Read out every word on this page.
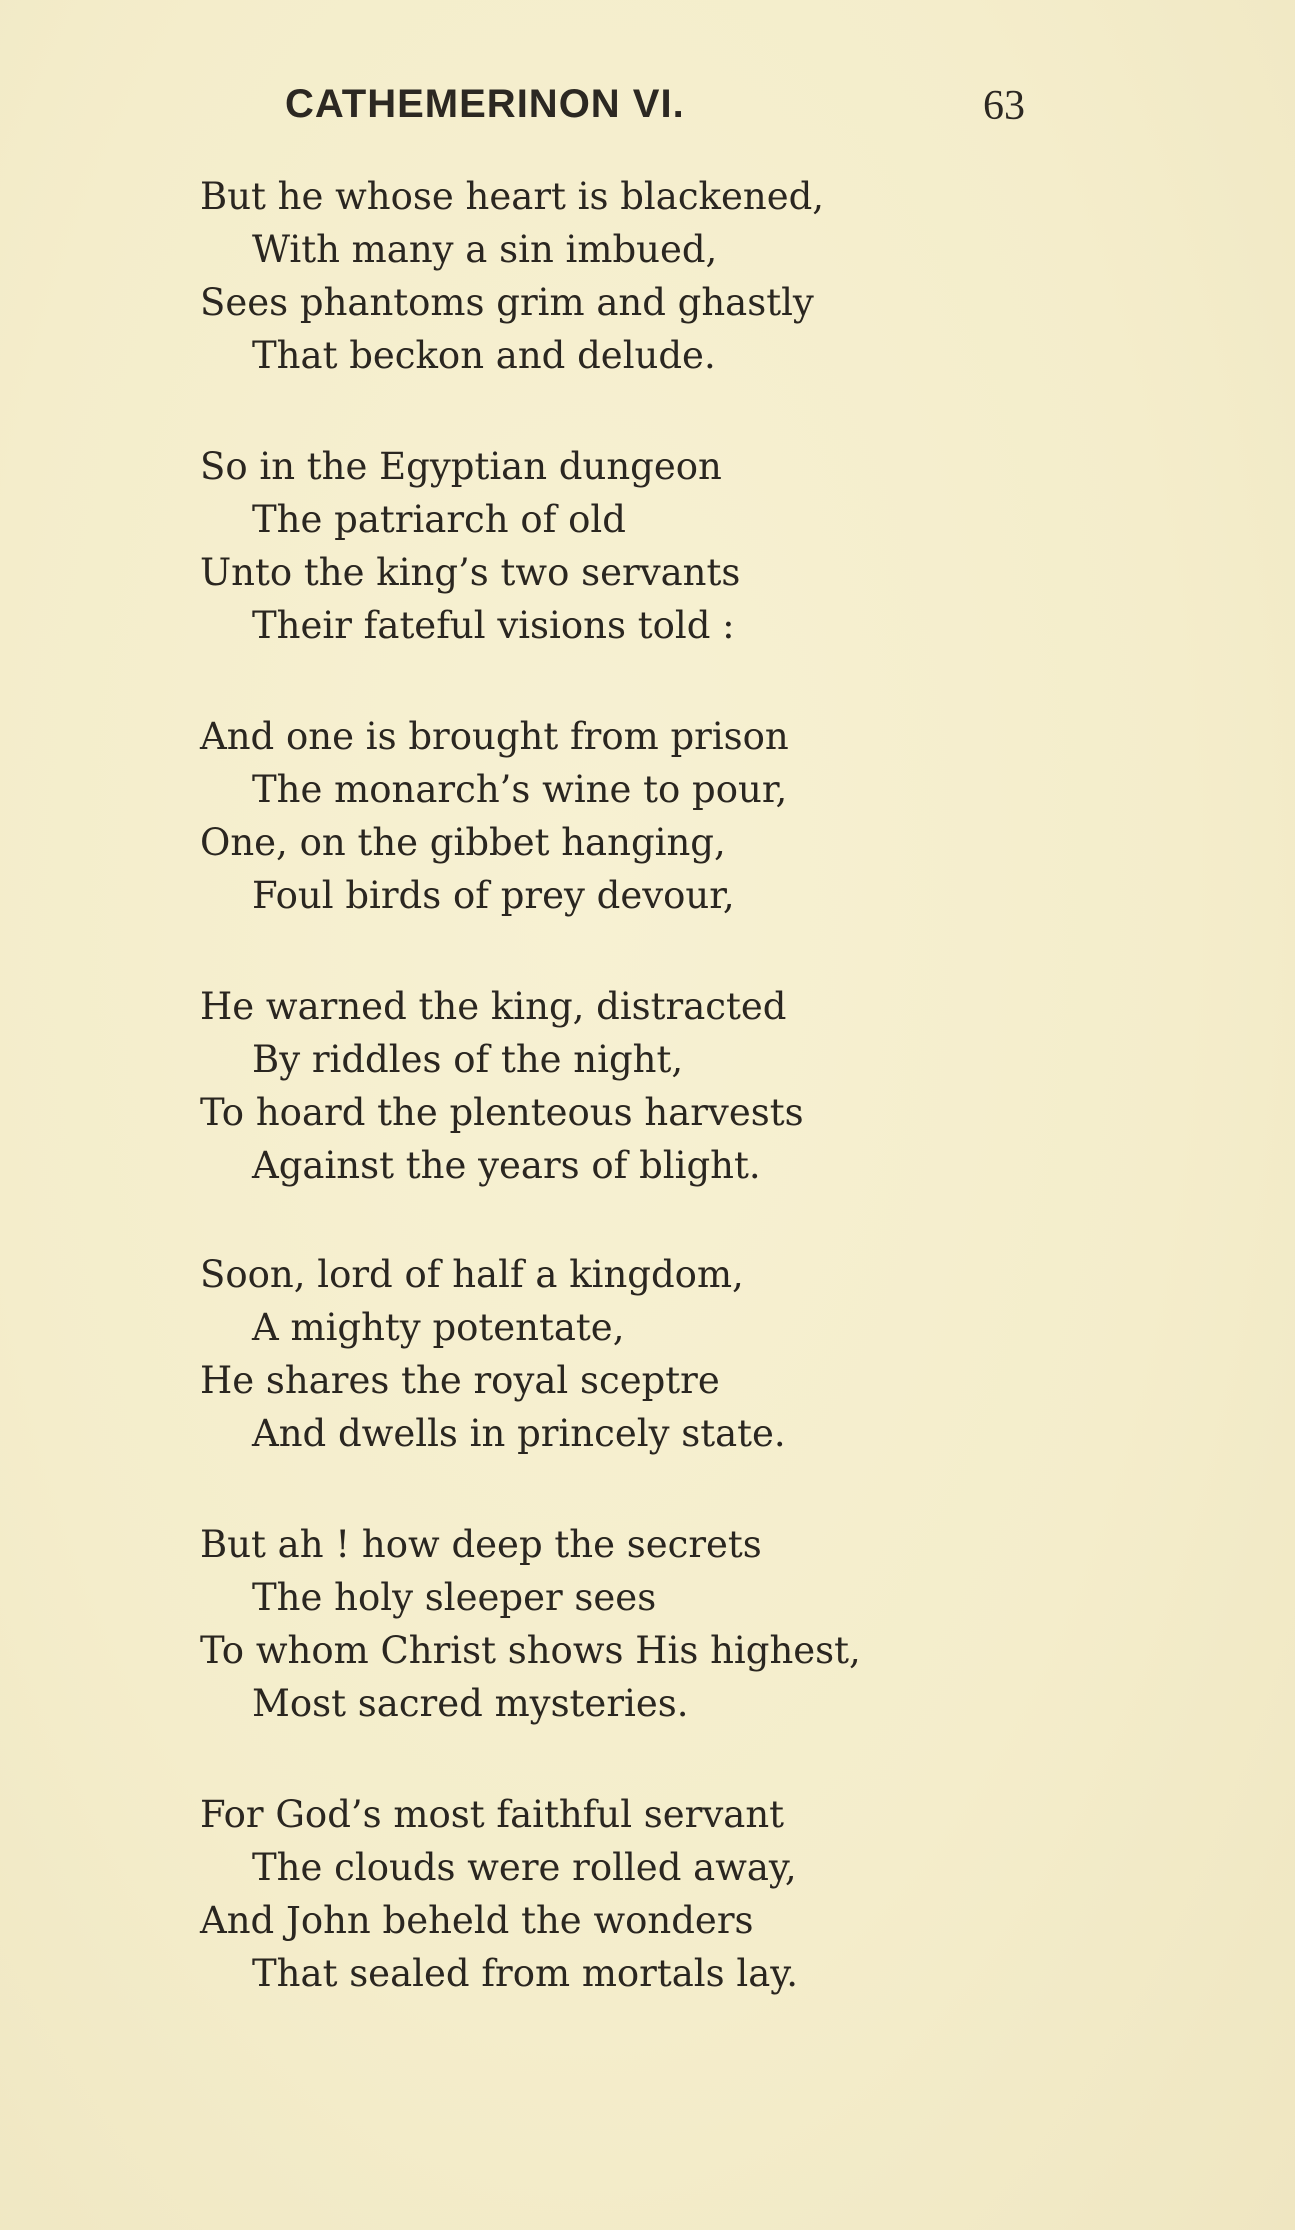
CATHEMERINON VI.	63
But he whose heart is blackened,
With many a sin imbued,
Sees phantoms grim and ghastly
That beckon and delude.
So in the Egyptian dungeon
The patriarch of old
Unto the king’s two servants
Their fateful visions told :
And one is brought from prison
The monarch’s wine to pour,
One, on the gibbet hanging,
Foul birds of prey devour,
He warned the king, distracted
By riddles of the night,
To hoard the plenteous harvests
Against the years of blight.
Soon, lord of half a kingdom,
A mighty potentate,
He shares the royal sceptre
And dwells in princely state.
But ah ! how deep the secrets
The holy sleeper sees
To whom Christ shows His highest,
Most sacred mysteries.
For God’s most faithful servant
The clouds were rolled away,
And John beheld the wonders
That sealed from mortals lay.
